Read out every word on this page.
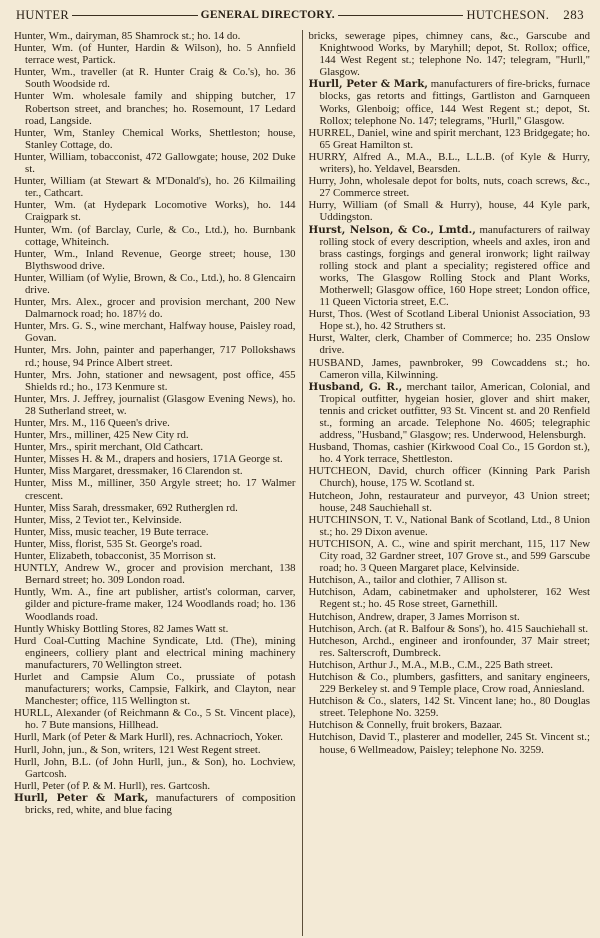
HUNTER	GENERAL DIRECTORY.	HUTCHESON.	283
Hunter, Wm., dairyman, 85 Shamrock st.; ho. 14 do.
Hunter, Wm. (of Hunter, Hardin & Wilson), ho. 5 Annfield terrace west, Partick.
Hunter, Wm., traveller (at R. Hunter Craig & Co.'s), ho. 36 South Woodside rd.
Hunter Wm. wholesale family and shipping butcher, 17 Robertson street, and branches; ho. Rosemount, 17 Ledard road, Langside.
Hunter, Wm, Stanley Chemical Works, Shettleston; house, Stanley Cottage, do.
Hunter, William, tobacconist, 472 Gallowgate; house, 202 Duke st.
Hunter, William (at Stewart & M'Donald's), ho. 26 Kilmailing ter., Cathcart.
Hunter, Wm. (at Hydepark Locomotive Works), ho. 144 Craigpark st.
Hunter, Wm. (of Barclay, Curle, & Co., Ltd.), ho. Burnbank cottage, Whiteinch.
Hunter, Wm., Inland Revenue, George street; house, 130 Blythswood drive.
Hunter, William (of Wylie, Brown, & Co., Ltd.), ho. 8 Glencairn drive.
Hunter, Mrs. Alex., grocer and provision merchant, 200 New Dalmarnock road; ho. 187½ do.
Hunter, Mrs. G. S., wine merchant, Halfway house, Paisley road, Govan.
Hunter, Mrs. John, painter and paperhanger, 717 Pollokshaws rd.; house, 94 Prince Albert street.
Hunter, Mrs. John, stationer and newsagent, post office, 455 Shields rd.; ho., 173 Kenmure st.
Hunter, Mrs. J. Jeffrey, journalist (Glasgow Evening News), ho. 28 Sutherland street, w.
Hunter, Mrs. M., 116 Queen's drive.
Hunter, Mrs., milliner, 425 New City rd.
Hunter, Mrs., spirit merchant, Old Cathcart.
Hunter, Misses H. & M., drapers and hosiers, 171A George st.
Hunter, Miss Margaret, dressmaker, 16 Clarendon st.
Hunter, Miss M., milliner, 350 Argyle street; ho. 17 Walmer crescent.
Hunter, Miss Sarah, dressmaker, 692 Rutherglen rd.
Hunter, Miss, 2 Teviot ter., Kelvinside.
Hunter, Miss, music teacher, 19 Bute terrace.
Hunter, Miss, florist, 535 St. George's road.
Hunter, Elizabeth, tobacconist, 35 Morrison st.
HUNTLY, Andrew W., grocer and provision merchant, 138 Bernard street; ho. 309 London road.
Huntly, Wm. A., fine art publisher, artist's colorman, carver, gilder and picture-frame maker, 124 Woodlands road; ho. 136 Woodlands road.
Huntly Whisky Bottling Stores, 82 James Watt st.
Hurd Coal-Cutting Machine Syndicate, Ltd. (The), mining engineers, colliery plant and electrical mining machinery manufacturers, 70 Wellington street.
Hurlet and Campsie Alum Co., prussiate of potash manufacturers; works, Campsie, Falkirk, and Clayton, near Manchester; office, 115 Wellington st.
HURLL, Alexander (of Reichmann & Co., 5 St. Vincent place), ho. 7 Bute mansions, Hillhead.
Hurll, Mark (of Peter & Mark Hurll), res. Achnacrioch, Yoker.
Hurll, John, jun., & Son, writers, 121 West Regent street.
Hurll, John, B.L. (of John Hurll, jun., & Son), ho. Lochview, Gartcosh.
Hurll, Peter (of P. & M. Hurll), res. Gartcosh.
Hurll, Peter & Mark, manufacturers of composition bricks, red, white, and blue facing
bricks, sewerage pipes, chimney cans, &c., Garscube and Knightwood Works, by Maryhill; depot, St. Rollox; office, 144 West Regent st.; telephone No. 147; telegram, "Hurll," Glasgow.
Hurll, Peter & Mark, manufacturers of fire-bricks, furnace blocks, gas retorts and fittings, Gartliston and Garnqueen Works, Glenboig; office, 144 West Regent st.; depot, St. Rollox; telephone No. 147; telegrams, "Hurll," Glasgow.
HURREL, Daniel, wine and spirit merchant, 123 Bridgegate; ho. 65 Great Hamilton st.
HURRY, Alfred A., M.A., B.L., L.L.B. (of Kyle & Hurry, writers), ho. Yeldavel, Bearsden.
Hurry, John, wholesale depot for bolts, nuts, coach screws, &c., 27 Commerce street.
Hurry, William (of Small & Hurry), house, 44 Kyle park, Uddingston.
Hurst, Nelson, & Co., Lmtd., manufacturers of railway rolling stock of every description, wheels and axles, iron and brass castings, forgings and general ironwork; light railway rolling stock and plant a speciality; registered office and works, The Glasgow Rolling Stock and Plant Works, Motherwell; Glasgow office, 160 Hope street; London office, 11 Queen Victoria street, E.C.
Hurst, Thos. (West of Scotland Liberal Unionist Association, 93 Hope st.), ho. 42 Struthers st.
Hurst, Walter, clerk, Chamber of Commerce; ho. 235 Onslow drive.
HUSBAND, James, pawnbroker, 99 Cowcaddens st.; ho. Cameron villa, Kilwinning.
Husband, G. R., merchant tailor, American, Colonial, and Tropical outfitter, hygeian hosier, glover and shirt maker, tennis and cricket outfitter, 93 St. Vincent st. and 20 Renfield st., forming an arcade. Telephone No. 4605; telegraphic address, "Husband," Glasgow; res. Underwood, Helensburgh.
Husband, Thomas, cashier (Kirkwood Coal Co., 15 Gordon st.), ho. 4 York terrace, Shettleston.
HUTCHEON, David, church officer (Kinning Park Parish Church), house, 175 W. Scotland st.
Hutcheon, John, restaurateur and purveyor, 43 Union street; house, 248 Sauchiehall st.
HUTCHINSON, T. V., National Bank of Scotland, Ltd., 8 Union st.; ho. 29 Dixon avenue.
HUTCHISON, A. C., wine and spirit merchant, 115, 117 New City road, 32 Gardner street, 107 Grove st., and 599 Garscube road; ho. 3 Queen Margaret place, Kelvinside.
Hutchison, A., tailor and clothier, 7 Allison st.
Hutchison, Adam, cabinetmaker and upholsterer, 162 West Regent st.; ho. 45 Rose street, Garnethill.
Hutchison, Andrew, draper, 3 James Morrison st.
Hutchison, Arch. (at R. Balfour & Sons'), ho. 415 Sauchiehall st.
Hutcheson, Archd., engineer and ironfounder, 37 Mair street; res. Salterscroft, Dumbreck.
Hutchison, Arthur J., M.A., M.B., C.M., 225 Bath street.
Hutchison & Co., plumbers, gasfitters, and sanitary engineers, 229 Berkeley st. and 9 Temple place, Crow road, Anniesland.
Hutchison & Co., slaters, 142 St. Vincent lane; ho., 80 Douglas street. Telephone No. 3259.
Hutchison & Connelly, fruit brokers, Bazaar.
Hutchison, David T., plasterer and modeller, 245 St. Vincent st.; house, 6 Wellmeadow, Paisley; telephone No. 3259.
